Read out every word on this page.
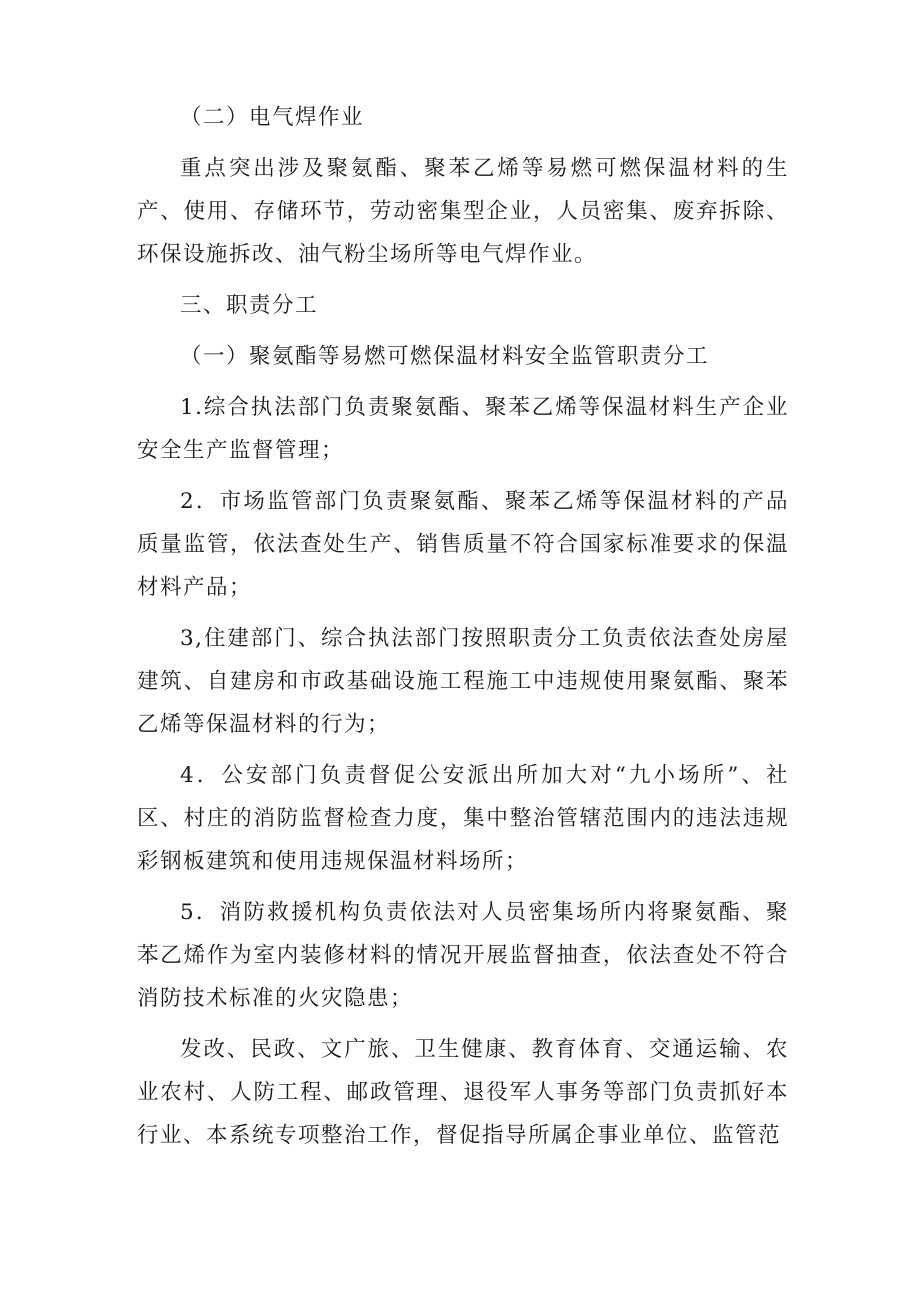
（二）电气焊作业

重点突出涉及聚氨酯、聚苯乙烯等易燃可燃保温材料的生产、使用、存储环节，劳动密集型企业，人员密集、废弃拆除、环保设施拆改、油气粉尘场所等电气焊作业。

三、职责分工

（一）聚氨酯等易燃可燃保温材料安全监管职责分工

1.综合执法部门负责聚氨酯、聚苯乙烯等保温材料生产企业安全生产监督管理；

2．市场监管部门负责聚氨酯、聚苯乙烯等保温材料的产品质量监管，依法查处生产、销售质量不符合国家标准要求的保温材料产品；

3,住建部门、综合执法部门按照职责分工负责依法查处房屋建筑、自建房和市政基础设施工程施工中违规使用聚氨酯、聚苯乙烯等保温材料的行为；

4．公安部门负责督促公安派出所加大对“九小场所”、社区、村庄的消防监督检查力度，集中整治管辖范围内的违法违规彩钢板建筑和使用违规保温材料场所；

5．消防救援机构负责依法对人员密集场所内将聚氨酯、聚苯乙烯作为室内装修材料的情况开展监督抽查，依法查处不符合消防技术标准的火灾隐患；

发改、民政、文广旅、卫生健康、教育体育、交通运输、农业农村、人防工程、邮政管理、退役军人事务等部门负责抓好本行业、本系统专项整治工作，督促指导所属企事业单位、监管范
